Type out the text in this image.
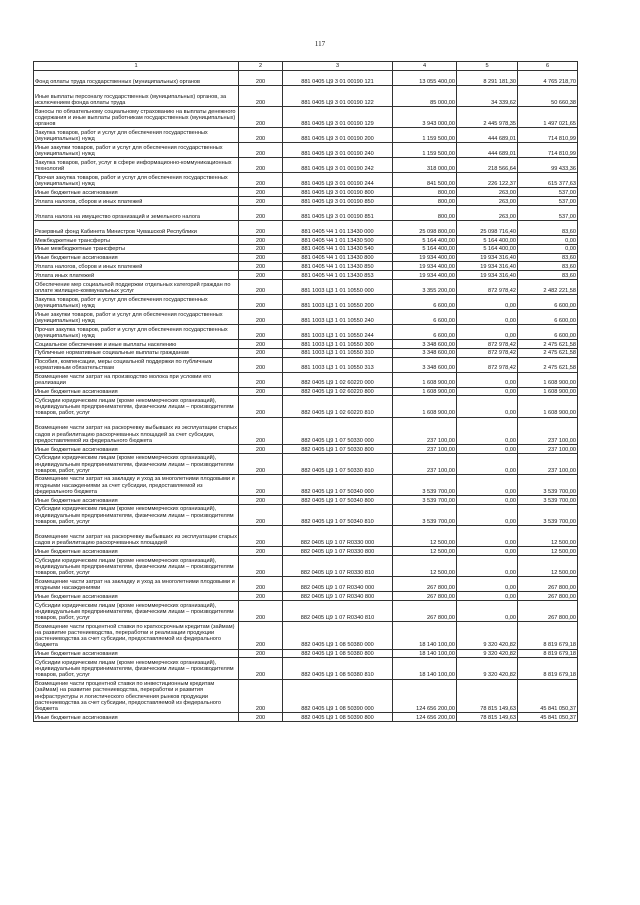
117
1	2	3	4	5	6
Фонд оплаты труда государственных (муниципальных) органов	200	881 0405 Ц9 3 01 00190 121	13 055 400,00	8 291 181,30	4 765 218,70
Иные выплаты персоналу государственных (муниципальных) органов, за исключением фонда оплаты труда	200	881 0405 Ц9 3 01 00190 122	85 000,00	34 339,62	50 660,38
Взносы по обязательному социальному страхованию на выплаты денежного содержания и иные выплаты работникам государственных (муниципальных) органов	200	881 0405 Ц9 3 01 00190 129	3 943 000,00	2 445 978,35	1 497 021,65
Закупка товаров, работ и услуг для обеспечения государственных (муниципальных) нужд	200	881 0405 Ц9 3 01 00190 200	1 159 500,00	444 689,01	714 810,99
Иные закупки товаров, работ и услуг для обеспечения государственных (муниципальных) нужд	200	881 0405 Ц9 3 01 00190 240	1 159 500,00	444 689,01	714 810,99
Закупка товаров, работ, услуг в сфере информационно-коммуникационных технологий	200	881 0405 Ц9 3 01 00190 242	318 000,00	218 566,64	99 433,36
Прочая закупка товаров, работ и услуг для обеспечения государственных (муниципальных) нужд	200	881 0405 Ц9 3 01 00190 244	841 500,00	226 122,37	615 377,63
Иные бюджетные ассигнования	200	881 0405 Ц9 3 01 00190 800	800,00	263,00	537,00
Уплата налогов, сборов и иных платежей	200	881 0405 Ц9 3 01 00190 850	800,00	263,00	537,00
Уплата налога на имущество организаций и земельного налога	200	881 0405 Ц9 3 01 00190 851	800,00	263,00	537,00
Резервный фонд Кабинета Министров Чувашской Республики	200	881 0405 Ч4 1 01 13430 000	25 098 800,00	25 098 716,40	83,60
Межбюджетные трансферты	200	881 0405 Ч4 1 01 13430 500	5 164 400,00	5 164 400,00	0,00
Иные межбюджетные трансферты	200	881 0405 Ч4 1 01 13430 540	5 164 400,00	5 164 400,00	0,00
Иные бюджетные ассигнования	200	881 0405 Ч4 1 01 13430 800	19 934 400,00	19 934 316,40	83,60
Уплата налогов, сборов и иных платежей	200	881 0405 Ч4 1 01 13430 850	19 934 400,00	19 934 316,40	83,60
Уплата иных платежей	200	881 0405 Ч4 1 01 13430 853	19 934 400,00	19 934 316,40	83,60
Обеспечение мер социальной поддержки отдельных категорий граждан по оплате жилищно-коммунальных услуг	200	881 1003 Ц3 1 01 10550 000	3 355 200,00	872 978,42	2 482 221,58
Закупка товаров, работ и услуг для обеспечения государственных (муниципальных) нужд	200	881 1003 Ц3 1 01 10550 200	6 600,00	0,00	6 600,00
Иные закупки товаров, работ и услуг для обеспечения государственных (муниципальных) нужд	200	881 1003 Ц3 1 01 10550 240	6 600,00	0,00	6 600,00
Прочая закупка товаров, работ и услуг для обеспечения государственных (муниципальных) нужд	200	881 1003 Ц3 1 01 10550 244	6 600,00	0,00	6 600,00
Социальное обеспечение и иные выплаты населению	200	881 1003 Ц3 1 01 10550 300	3 348 600,00	872 978,42	2 475 621,58
Публичные нормативные социальные выплаты гражданам	200	881 1003 Ц3 1 01 10550 310	3 348 600,00	872 978,42	2 475 621,58
Пособия, компенсации, меры социальной поддержки по публичным нормативным обязательствам	200	881 1003 Ц3 1 01 10550 313	3 348 600,00	872 978,42	2 475 621,58
Возмещение части затрат на производство молока при условии его реализации	200	882 0405 Ц9 1 02 60220 000	1 608 900,00	0,00	1 608 900,00
Иные бюджетные ассигнования	200	882 0405 Ц9 1 02 60220 800	1 608 900,00	0,00	1 608 900,00
Субсидии юридическим лицам (кроме некоммерческих организаций), индивидуальным предпринимателям, физическим лицам – производителям товаров, работ, услуг	200	882 0405 Ц9 1 02 60220 810	1 608 900,00	0,00	1 608 900,00
Возмещение части затрат на раскорчевку выбывших из эксплуатации старых садов и реабилитацию раскорчеванных площадей за счет субсидии, предоставляемой из федерального бюджета	200	882 0405 Ц9 1 07 50330 000	237 100,00	0,00	237 100,00
Иные бюджетные ассигнования	200	882 0405 Ц9 1 07 50330 800	237 100,00	0,00	237 100,00
Субсидии юридическим лицам (кроме некоммерческих организаций), индивидуальным предпринимателям, физическим лицам – производителям товаров, работ, услуг	200	882 0405 Ц9 1 07 50330 810	237 100,00	0,00	237 100,00
Возмещение части затрат на закладку и уход за многолетними плодовыми и ягодными насаждениями за счет субсидии, предоставляемой из федерального бюджета	200	882 0405 Ц9 1 07 50340 000	3 539 700,00	0,00	3 539 700,00
Иные бюджетные ассигнования	200	882 0405 Ц9 1 07 50340 800	3 539 700,00	0,00	3 539 700,00
Субсидии юридическим лицам (кроме некоммерческих организаций), индивидуальным предпринимателям, физическим лицам – производителям товаров, работ, услуг	200	882 0405 Ц9 1 07 50340 810	3 539 700,00	0,00	3 539 700,00
Возмещение части затрат на раскорчевку выбывших из эксплуатации старых садов и реабилитацию раскорчеванных площадей	200	882 0405 Ц9 1 07 R0330 000	12 500,00	0,00	12 500,00
Иные бюджетные ассигнования	200	882 0405 Ц9 1 07 R0330 800	12 500,00	0,00	12 500,00
Субсидии юридическим лицам (кроме некоммерческих организаций), индивидуальным предпринимателям, физическим лицам – производителям товаров, работ, услуг	200	882 0405 Ц9 1 07 R0330 810	12 500,00	0,00	12 500,00
Возмещение части затрат на закладку и уход за многолетними плодовыми и ягодными насаждениями	200	882 0405 Ц9 1 07 R0340 000	267 800,00	0,00	267 800,00
Иные бюджетные ассигнования	200	882 0405 Ц9 1 07 R0340 800	267 800,00	0,00	267 800,00
Субсидии юридическим лицам (кроме некоммерческих организаций), индивидуальным предпринимателям, физическим лицам – производителям товаров, работ, услуг	200	882 0405 Ц9 1 07 R0340 810	267 800,00	0,00	267 800,00
Возмещение части процентной ставки по краткосрочным кредитам (займам) на развитие растениеводства, переработки и реализации продукции растениеводства за счет субсидии, предоставляемой из федерального бюджета	200	882 0405 Ц9 1 08 50380 000	18 140 100,00	9 320 420,82	8 819 679,18
Иные бюджетные ассигнования	200	882 0405 Ц9 1 08 50380 800	18 140 100,00	9 320 420,82	8 819 679,18
Субсидии юридическим лицам (кроме некоммерческих организаций), индивидуальным предпринимателям, физическим лицам – производителям товаров, работ, услуг	200	882 0405 Ц9 1 08 50380 810	18 140 100,00	9 320 420,82	8 819 679,18
Возмещение части процентной ставки по инвестиционным кредитам (займам) на развитие растениеводства, переработки и развития инфраструктуры и логистического обеспечения рынков продукции растениеводства за счет субсидии, предоставляемой из федерального бюджета	200	882 0405 Ц9 1 08 50390 000	124 656 200,00	78 815 149,63	45 841 050,37
Иные бюджетные ассигнования	200	882 0405 Ц9 1 08 50390 800	124 656 200,00	78 815 149,63	45 841 050,37
